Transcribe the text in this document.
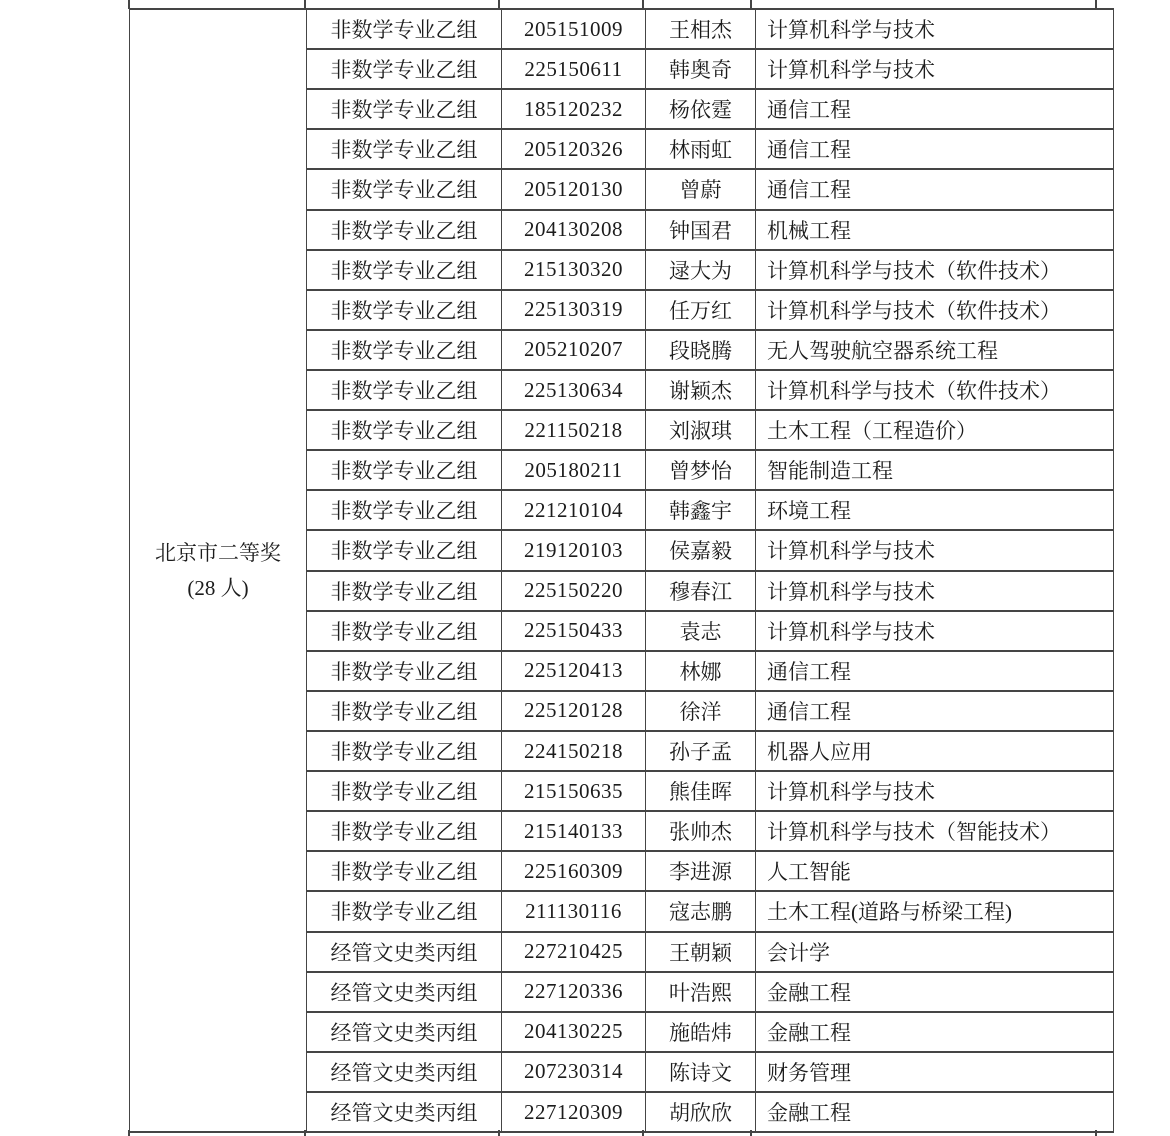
北京市二等奖
(28 人)	非数学专业乙组	205151009	王相杰	计算机科学与技术
	非数学专业乙组	225150611	韩奥奇	计算机科学与技术
	非数学专业乙组	185120232	杨依霆	通信工程
	非数学专业乙组	205120326	林雨虹	通信工程
	非数学专业乙组	205120130	曾蔚	通信工程
	非数学专业乙组	204130208	钟国君	机械工程
	非数学专业乙组	215130320	逯大为	计算机科学与技术（软件技术）
	非数学专业乙组	225130319	任万红	计算机科学与技术（软件技术）
	非数学专业乙组	205210207	段晓腾	无人驾驶航空器系统工程
	非数学专业乙组	225130634	谢颖杰	计算机科学与技术（软件技术）
	非数学专业乙组	221150218	刘淑琪	土木工程（工程造价）
	非数学专业乙组	205180211	曾梦怡	智能制造工程
	非数学专业乙组	221210104	韩鑫宇	环境工程
	非数学专业乙组	219120103	侯嘉毅	计算机科学与技术
	非数学专业乙组	225150220	穆春江	计算机科学与技术
	非数学专业乙组	225150433	袁志	计算机科学与技术
	非数学专业乙组	225120413	林娜	通信工程
	非数学专业乙组	225120128	徐洋	通信工程
	非数学专业乙组	224150218	孙子孟	机器人应用
	非数学专业乙组	215150635	熊佳晖	计算机科学与技术
	非数学专业乙组	215140133	张帅杰	计算机科学与技术（智能技术）
	非数学专业乙组	225160309	李进源	人工智能
	非数学专业乙组	211130116	寇志鹏	土木工程(道路与桥梁工程)
	经管文史类丙组	227210425	王朝颖	会计学
	经管文史类丙组	227120336	叶浩熙	金融工程
	经管文史类丙组	204130225	施皓炜	金融工程
	经管文史类丙组	207230314	陈诗文	财务管理
	经管文史类丙组	227120309	胡欣欣	金融工程
